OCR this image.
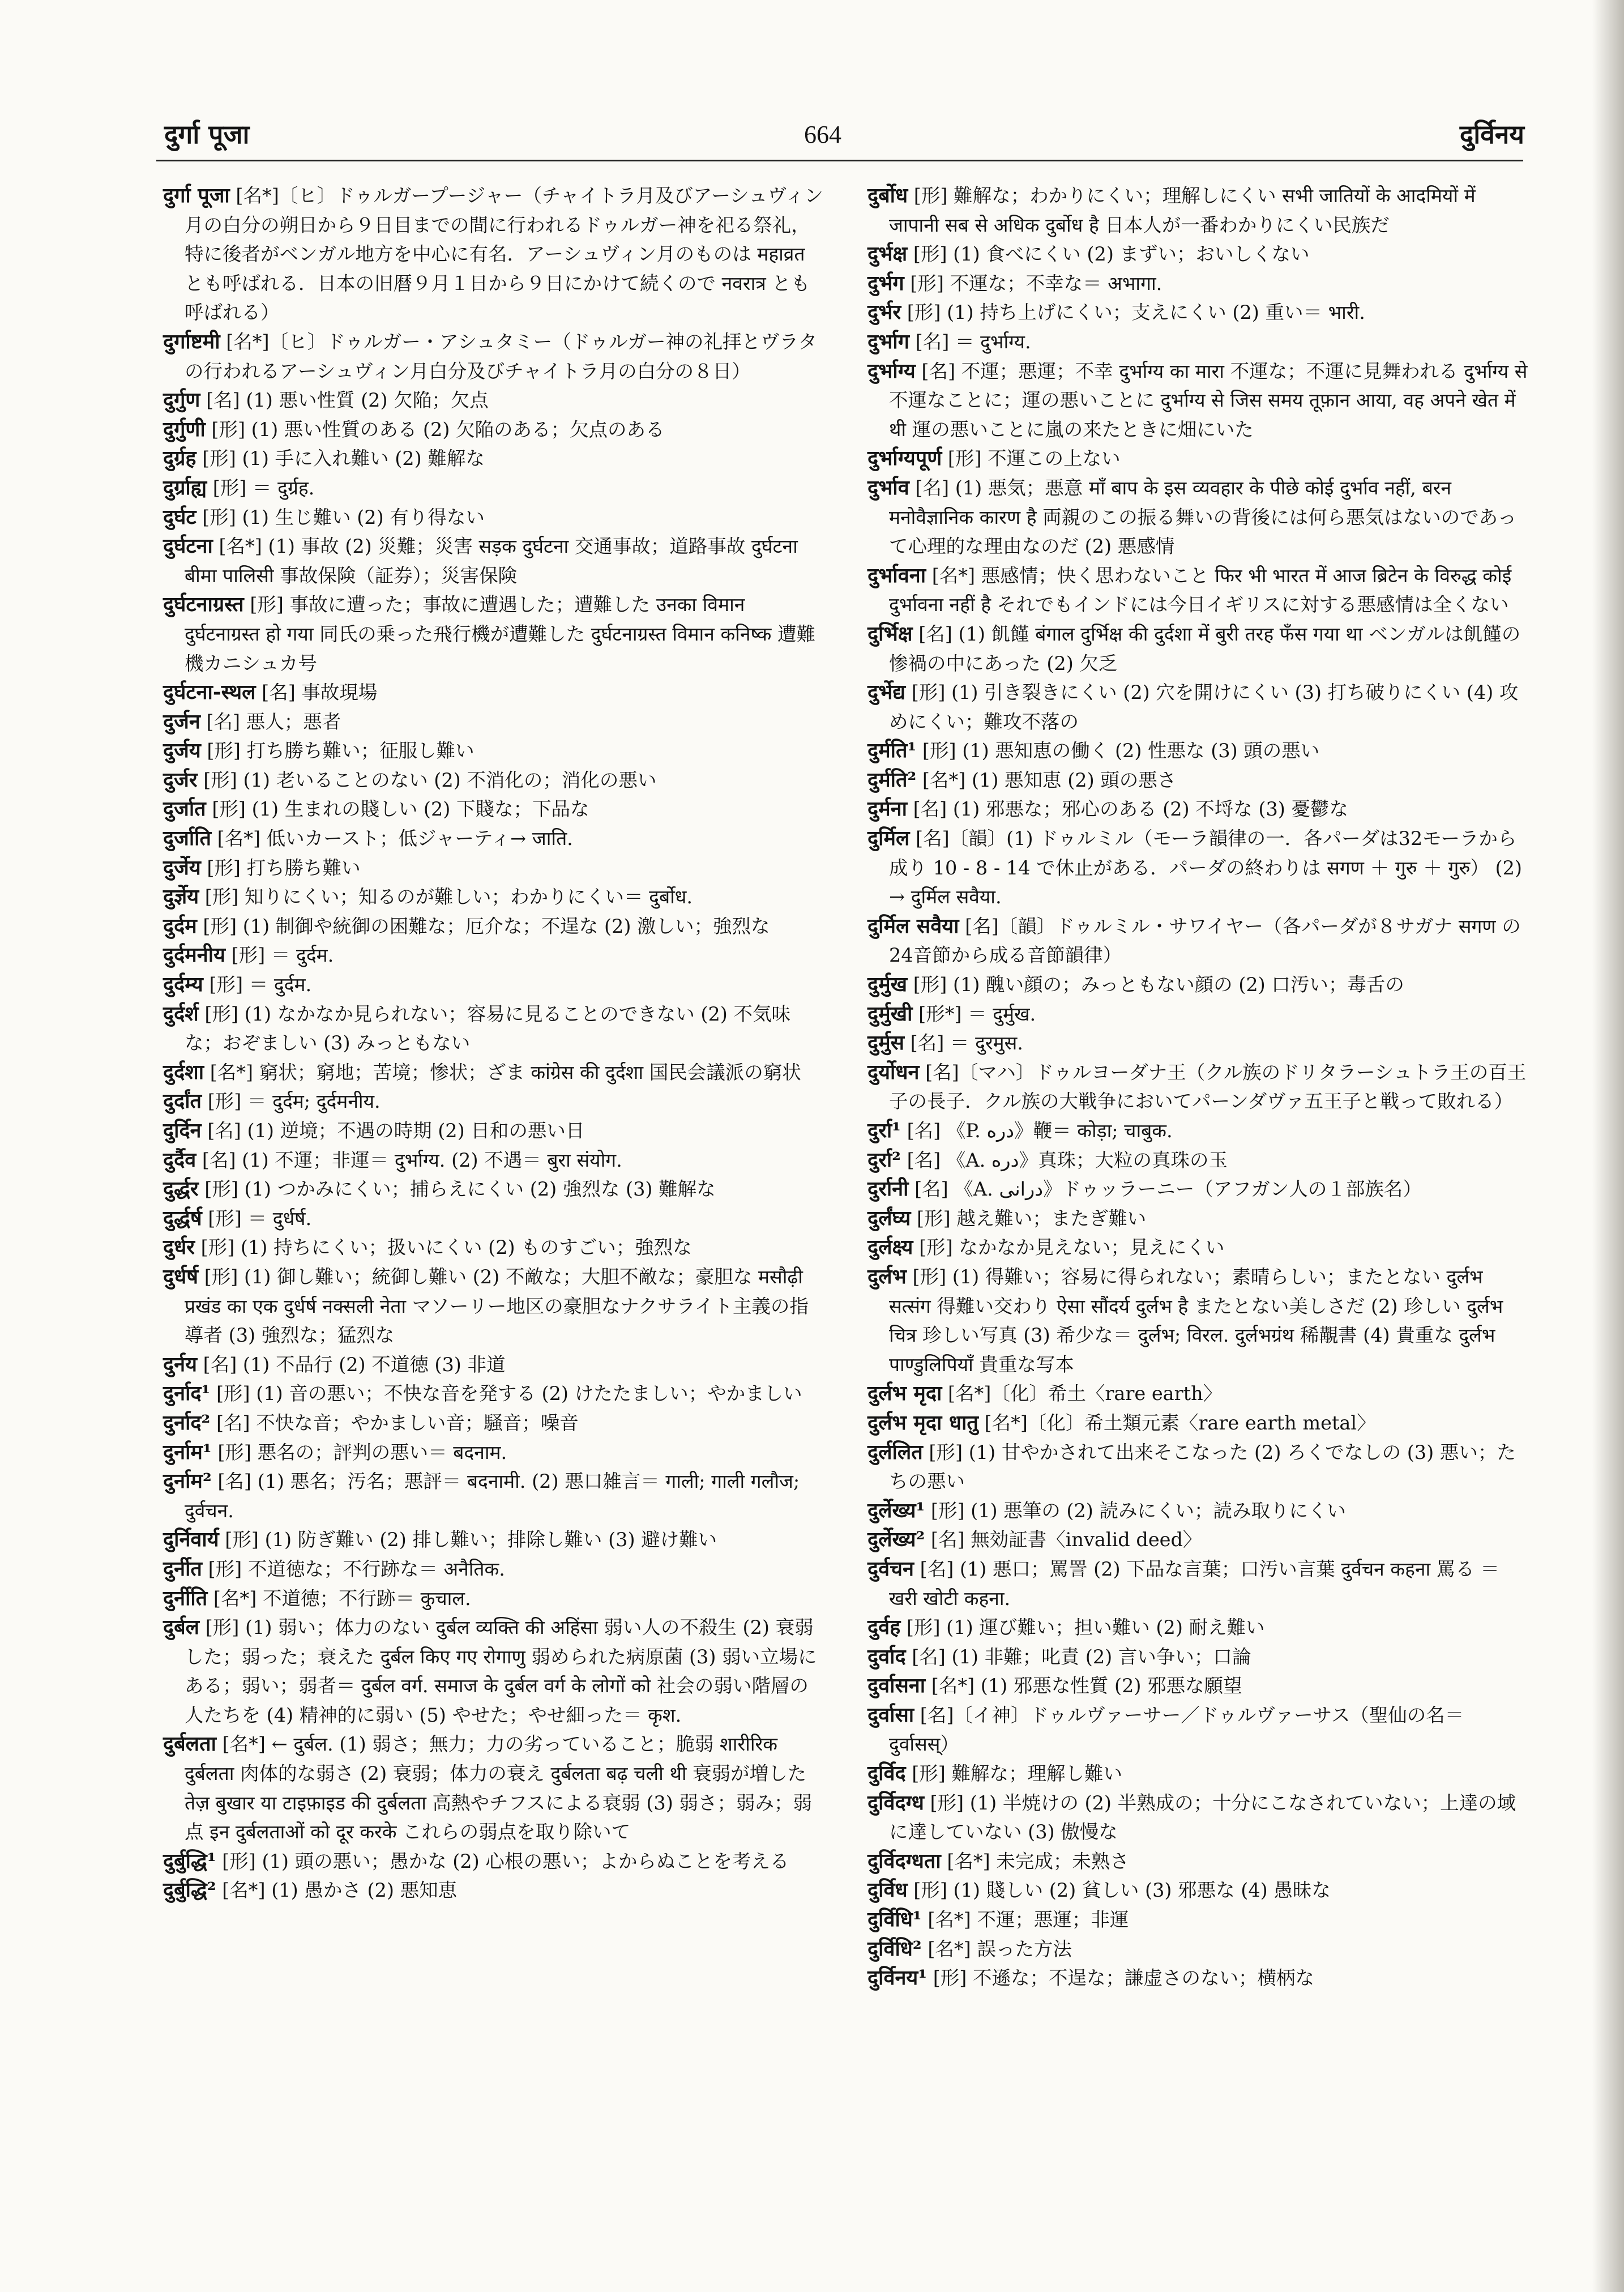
दुर्गा पूजा	664	दुर्विनय

दुर्गा पूजा [名*]〔ヒ〕ドゥルガープージャー（チャイトラ月及びアーシュヴィン月の白分の朔日から９日目までの間に行われるドゥルガー神を祀る祭礼，特に後者がベンガル地方を中心に有名．アーシュヴィン月のものは महाव्रत とも呼ばれる．日本の旧暦９月１日から９日にかけて続くので नवरात्र とも呼ばれる）

दुर्गाष्टमी [名*]〔ヒ〕ドゥルガー・アシュタミー（ドゥルガー神の礼拝とヴラタの行われるアーシュヴィン月白分及びチャイトラ月の白分の８日）

दुर्गुण [名] (1) 悪い性質 (2) 欠陥；欠点

दुर्गुणी [形] (1) 悪い性質のある (2) 欠陥のある；欠点のある

दुर्ग्रह [形] (1) 手に入れ難い (2) 難解な

दुर्ग्राह्य [形] ＝ दुर्ग्रह.

दुर्घट [形] (1) 生じ難い (2) 有り得ない

दुर्घटना [名*] (1) 事故 (2) 災難；災害 सड़क दुर्घटना 交通事故；道路事故 दुर्घटना बीमा पालिसी 事故保険（証券）；災害保険

दुर्घटनाग्रस्त [形] 事故に遭った；事故に遭遇した；遭難した उनका विमान दुर्घटनाग्रस्त हो गया 同氏の乗った飛行機が遭難した दुर्घटनाग्रस्त विमान कनिष्क 遭難機カニシュカ号

दुर्घटना-स्थल [名] 事故現場

दुर्जन [名] 悪人；悪者

दुर्जय [形] 打ち勝ち難い；征服し難い

दुर्जर [形] (1) 老いることのない (2) 不消化の；消化の悪い

दुर्जात [形] (1) 生まれの賤しい (2) 下賤な；下品な

दुर्जाति [名*] 低いカースト；低ジャーティ→ जाति.

दुर्जेय [形] 打ち勝ち難い

दुर्ज्ञेय [形] 知りにくい；知るのが難しい；わかりにくい＝ दुर्बोध.

दुर्दम [形] (1) 制御や統御の困難な；厄介な；不逞な (2) 激しい；強烈な

दुर्दमनीय [形] ＝ दुर्दम.

दुर्दम्य [形] ＝ दुर्दम.

दुर्दर्श [形] (1) なかなか見られない；容易に見ることのできない (2) 不気味な；おぞましい (3) みっともない

दुर्दशा [名*] 窮状；窮地；苦境；惨状；ざま कांग्रेस की दुर्दशा 国民会議派の窮状

दुर्दांत [形] ＝ दुर्दम; दुर्दमनीय.

दुर्दिन [名] (1) 逆境；不遇の時期 (2) 日和の悪い日

दुर्दैव [名] (1) 不運；非運＝ दुर्भाग्य. (2) 不遇＝ बुरा संयोग.

दुर्द्धर [形] (1) つかみにくい；捕らえにくい (2) 強烈な (3) 難解な

दुर्द्धर्ष [形] ＝ दुर्धर्ष.

दुर्धर [形] (1) 持ちにくい；扱いにくい (2) ものすごい；強烈な

दुर्धर्ष [形] (1) 御し難い；統御し難い (2) 不敵な；大胆不敵な；豪胆な मसौढ़ी प्रखंड का एक दुर्धर्ष नक्सली नेता マソーリー地区の豪胆なナクサライト主義の指導者 (3) 強烈な；猛烈な

दुर्नय [名] (1) 不品行 (2) 不道徳 (3) 非道

दुर्नाद¹ [形] (1) 音の悪い；不快な音を発する (2) けたたましい；やかましい

दुर्नाद² [名] 不快な音；やかましい音；騒音；噪音

दुर्नाम¹ [形] 悪名の；評判の悪い＝ बदनाम.

दुर्नाम² [名] (1) 悪名；汚名；悪評＝ बदनामी. (2) 悪口雑言＝ गाली; गाली गलौज; दुर्वचन.

दुर्निवार्य [形] (1) 防ぎ難い (2) 排し難い；排除し難い (3) 避け難い

दुर्नीत [形] 不道徳な；不行跡な＝ अनैतिक.

दुर्नीति [名*] 不道徳；不行跡＝ कुचाल.

दुर्बल [形] (1) 弱い；体力のない दुर्बल व्यक्ति की अहिंसा 弱い人の不殺生 (2) 衰弱した；弱った；衰えた दुर्बल किए गए रोगाणु 弱められた病原菌 (3) 弱い立場にある；弱い；弱者＝ दुर्बल वर्ग. समाज के दुर्बल वर्ग के लोगों को 社会の弱い階層の人たちを (4) 精神的に弱い (5) やせた；やせ細った＝ कृश.

दुर्बलता [名*] ← दुर्बल. (1) 弱さ；無力；力の劣っていること；脆弱 शारीरिक दुर्बलता 肉体的な弱さ (2) 衰弱；体力の衰え दुर्बलता बढ़ चली थी 衰弱が増した तेज़ बुखार या टाइफ़ाइड की दुर्बलता 高熱やチフスによる衰弱 (3) 弱さ；弱み；弱点 इन दुर्बलताओं को दूर करके これらの弱点を取り除いて

दुर्बुद्धि¹ [形] (1) 頭の悪い；愚かな (2) 心根の悪い；よからぬことを考える

दुर्बुद्धि² [名*] (1) 愚かさ (2) 悪知恵

दुर्बोध [形] 難解な；わかりにくい；理解しにくい सभी जातियों के आदमियों में जापानी सब से अधिक दुर्बोध है 日本人が一番わかりにくい民族だ

दुर्भक्ष [形] (1) 食べにくい (2) まずい；おいしくない

दुर्भग [形] 不運な；不幸な＝ अभागा.

दुर्भर [形] (1) 持ち上げにくい；支えにくい (2) 重い＝ भारी.

दुर्भाग [名] ＝ दुर्भाग्य.

दुर्भाग्य [名] 不運；悪運；不幸 दुर्भाग्य का मारा 不運な；不運に見舞われる दुर्भाग्य से 不運なことに；運の悪いことに दुर्भाग्य से जिस समय तूफ़ान आया, वह अपने खेत में थी 運の悪いことに嵐の来たときに畑にいた

दुर्भाग्यपूर्ण [形] 不運この上ない

दुर्भाव [名] (1) 悪気；悪意 माँ बाप के इस व्यवहार के पीछे कोई दुर्भाव नहीं, बरन मनोवैज्ञानिक कारण है 両親のこの振る舞いの背後には何ら悪気はないのであって心理的な理由なのだ (2) 悪感情

दुर्भावना [名*] 悪感情；快く思わないこと फिर भी भारत में आज ब्रिटेन के विरुद्ध कोई दुर्भावना नहीं है それでもインドには今日イギリスに対する悪感情は全くない

दुर्भिक्ष [名] (1) 飢饉 बंगाल दुर्भिक्ष की दुर्दशा में बुरी तरह फँस गया था ベンガルは飢饉の惨禍の中にあった (2) 欠乏

दुर्भेद्य [形] (1) 引き裂きにくい (2) 穴を開けにくい (3) 打ち破りにくい (4) 攻めにくい；難攻不落の

दुर्मति¹ [形] (1) 悪知恵の働く (2) 性悪な (3) 頭の悪い

दुर्मति² [名*] (1) 悪知恵 (2) 頭の悪さ

दुर्मना [名] (1) 邪悪な；邪心のある (2) 不埒な (3) 憂鬱な

दुर्मिल [名]〔韻〕(1) ドゥルミル（モーラ韻律の一．各パーダは32モーラから成り 10 - 8 - 14 で休止がある．パーダの終わりは सगण ＋ गुरु ＋ गुरु） (2) → दुर्मिल सवैया.

दुर्मिल सवैया [名]〔韻〕ドゥルミル・サワイヤー（各パーダが８サガナ सगण の24音節から成る音節韻律）

दुर्मुख [形] (1) 醜い顔の；みっともない顔の (2) 口汚い；毒舌の

दुर्मुखी [形*] ＝ दुर्मुख.

दुर्मुस [名] ＝ दुरमुस.

दुर्योधन [名]〔マハ〕ドゥルヨーダナ王（クル族のドリタラーシュトラ王の百王子の長子．クル族の大戦争においてパーンダヴァ五王子と戦って敗れる）

दुर्रा¹ [名] 《P. دره》鞭＝ कोड़ा; चाबुक.

दुर्रा² [名] 《A. دره》真珠；大粒の真珠の玉

दुर्रानी [名] 《A. درانی》ドゥッラーニー（アフガン人の１部族名）

दुर्लंघ्य [形] 越え難い；またぎ難い

दुर्लक्ष्य [形] なかなか見えない；見えにくい

दुर्लभ [形] (1) 得難い；容易に得られない；素晴らしい；またとない दुर्लभ सत्संग 得難い交わり ऐसा सौंदर्य दुर्लभ है またとない美しさだ (2) 珍しい दुर्लभ चित्र 珍しい写真 (3) 希少な＝ दुर्लभ; विरल. दुर्लभग्रंथ 稀覯書 (4) 貴重な दुर्लभ पाण्डुलिपियाँ 貴重な写本

दुर्लभ मृदा [名*]〔化〕希土〈rare earth〉

दुर्लभ मृदा धातु [名*]〔化〕希土類元素〈rare earth metal〉

दुर्ललित [形] (1) 甘やかされて出来そこなった (2) ろくでなしの (3) 悪い；たちの悪い

दुर्लेख्य¹ [形] (1) 悪筆の (2) 読みにくい；読み取りにくい

दुर्लेख्य² [名] 無効証書〈invalid deed〉

दुर्वचन [名] (1) 悪口；罵詈 (2) 下品な言葉；口汚い言葉 दुर्वचन कहना 罵る ＝ खरी खोटी कहना.

दुर्वह [形] (1) 運び難い；担い難い (2) 耐え難い

दुर्वाद [名] (1) 非難；叱責 (2) 言い争い；口論

दुर्वासना [名*] (1) 邪悪な性質 (2) 邪悪な願望

दुर्वासा [名]〔イ神〕ドゥルヴァーサー／ドゥルヴァーサス（聖仙の名＝ दुर्वासस्）

दुर्विद [形] 難解な；理解し難い

दुर्विदग्ध [形] (1) 半焼けの (2) 半熟成の；十分にこなされていない；上達の域に達していない (3) 傲慢な

दुर्विदग्धता [名*] 未完成；未熟さ

दुर्विध [形] (1) 賤しい (2) 貧しい (3) 邪悪な (4) 愚昧な

दुर्विधि¹ [名*] 不運；悪運；非運

दुर्विधि² [名*] 誤った方法

दुर्विनय¹ [形] 不遜な；不逞な；謙虚さのない；横柄な
